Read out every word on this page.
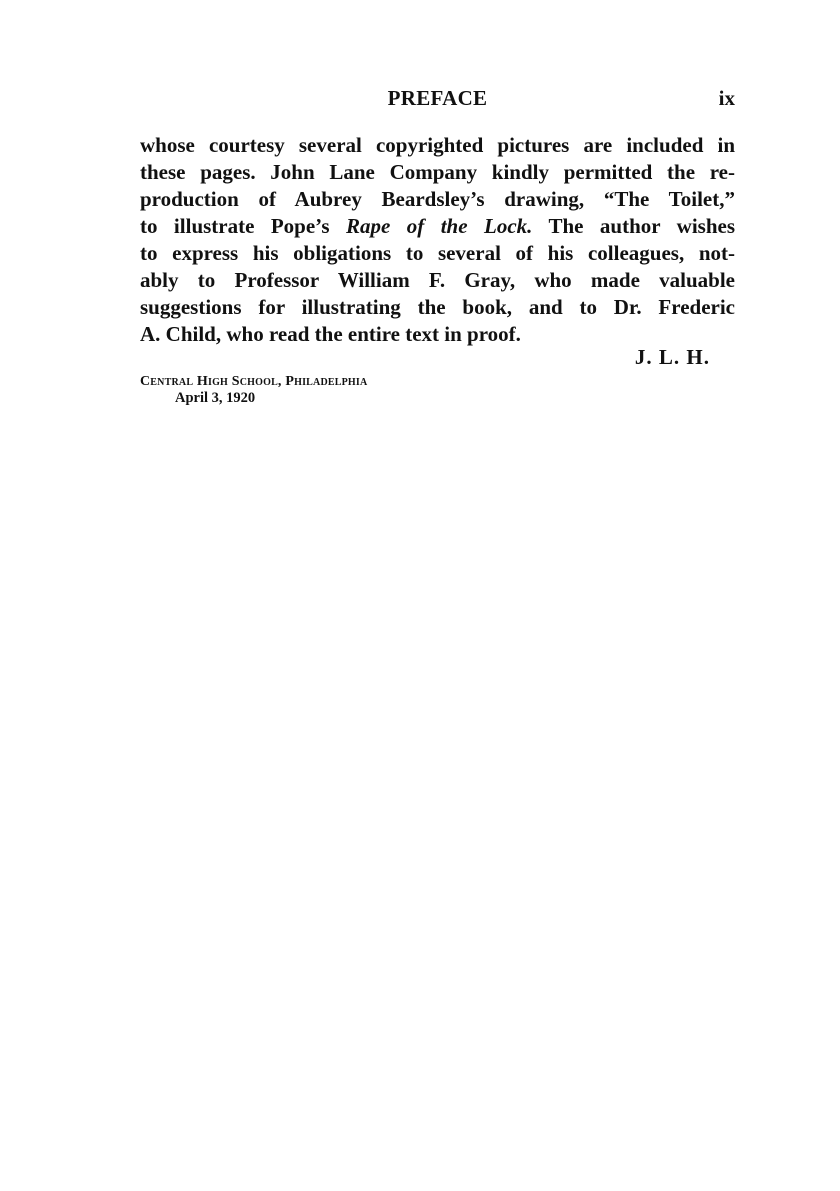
PREFACE	ix
whose courtesy several copyrighted pictures are included in
these pages. John Lane Company kindly permitted the re-
production of Aubrey Beardsley’s drawing, “The Toilet,”
to illustrate Pope’s Rape of the Lock. The author wishes
to express his obligations to several of his colleagues, not-
ably to Professor William F. Gray, who made valuable
suggestions for illustrating the book, and to Dr. Frederic
A. Child, who read the entire text in proof.
J. L. H.
Central High School, Philadelphia
April 3, 1920
